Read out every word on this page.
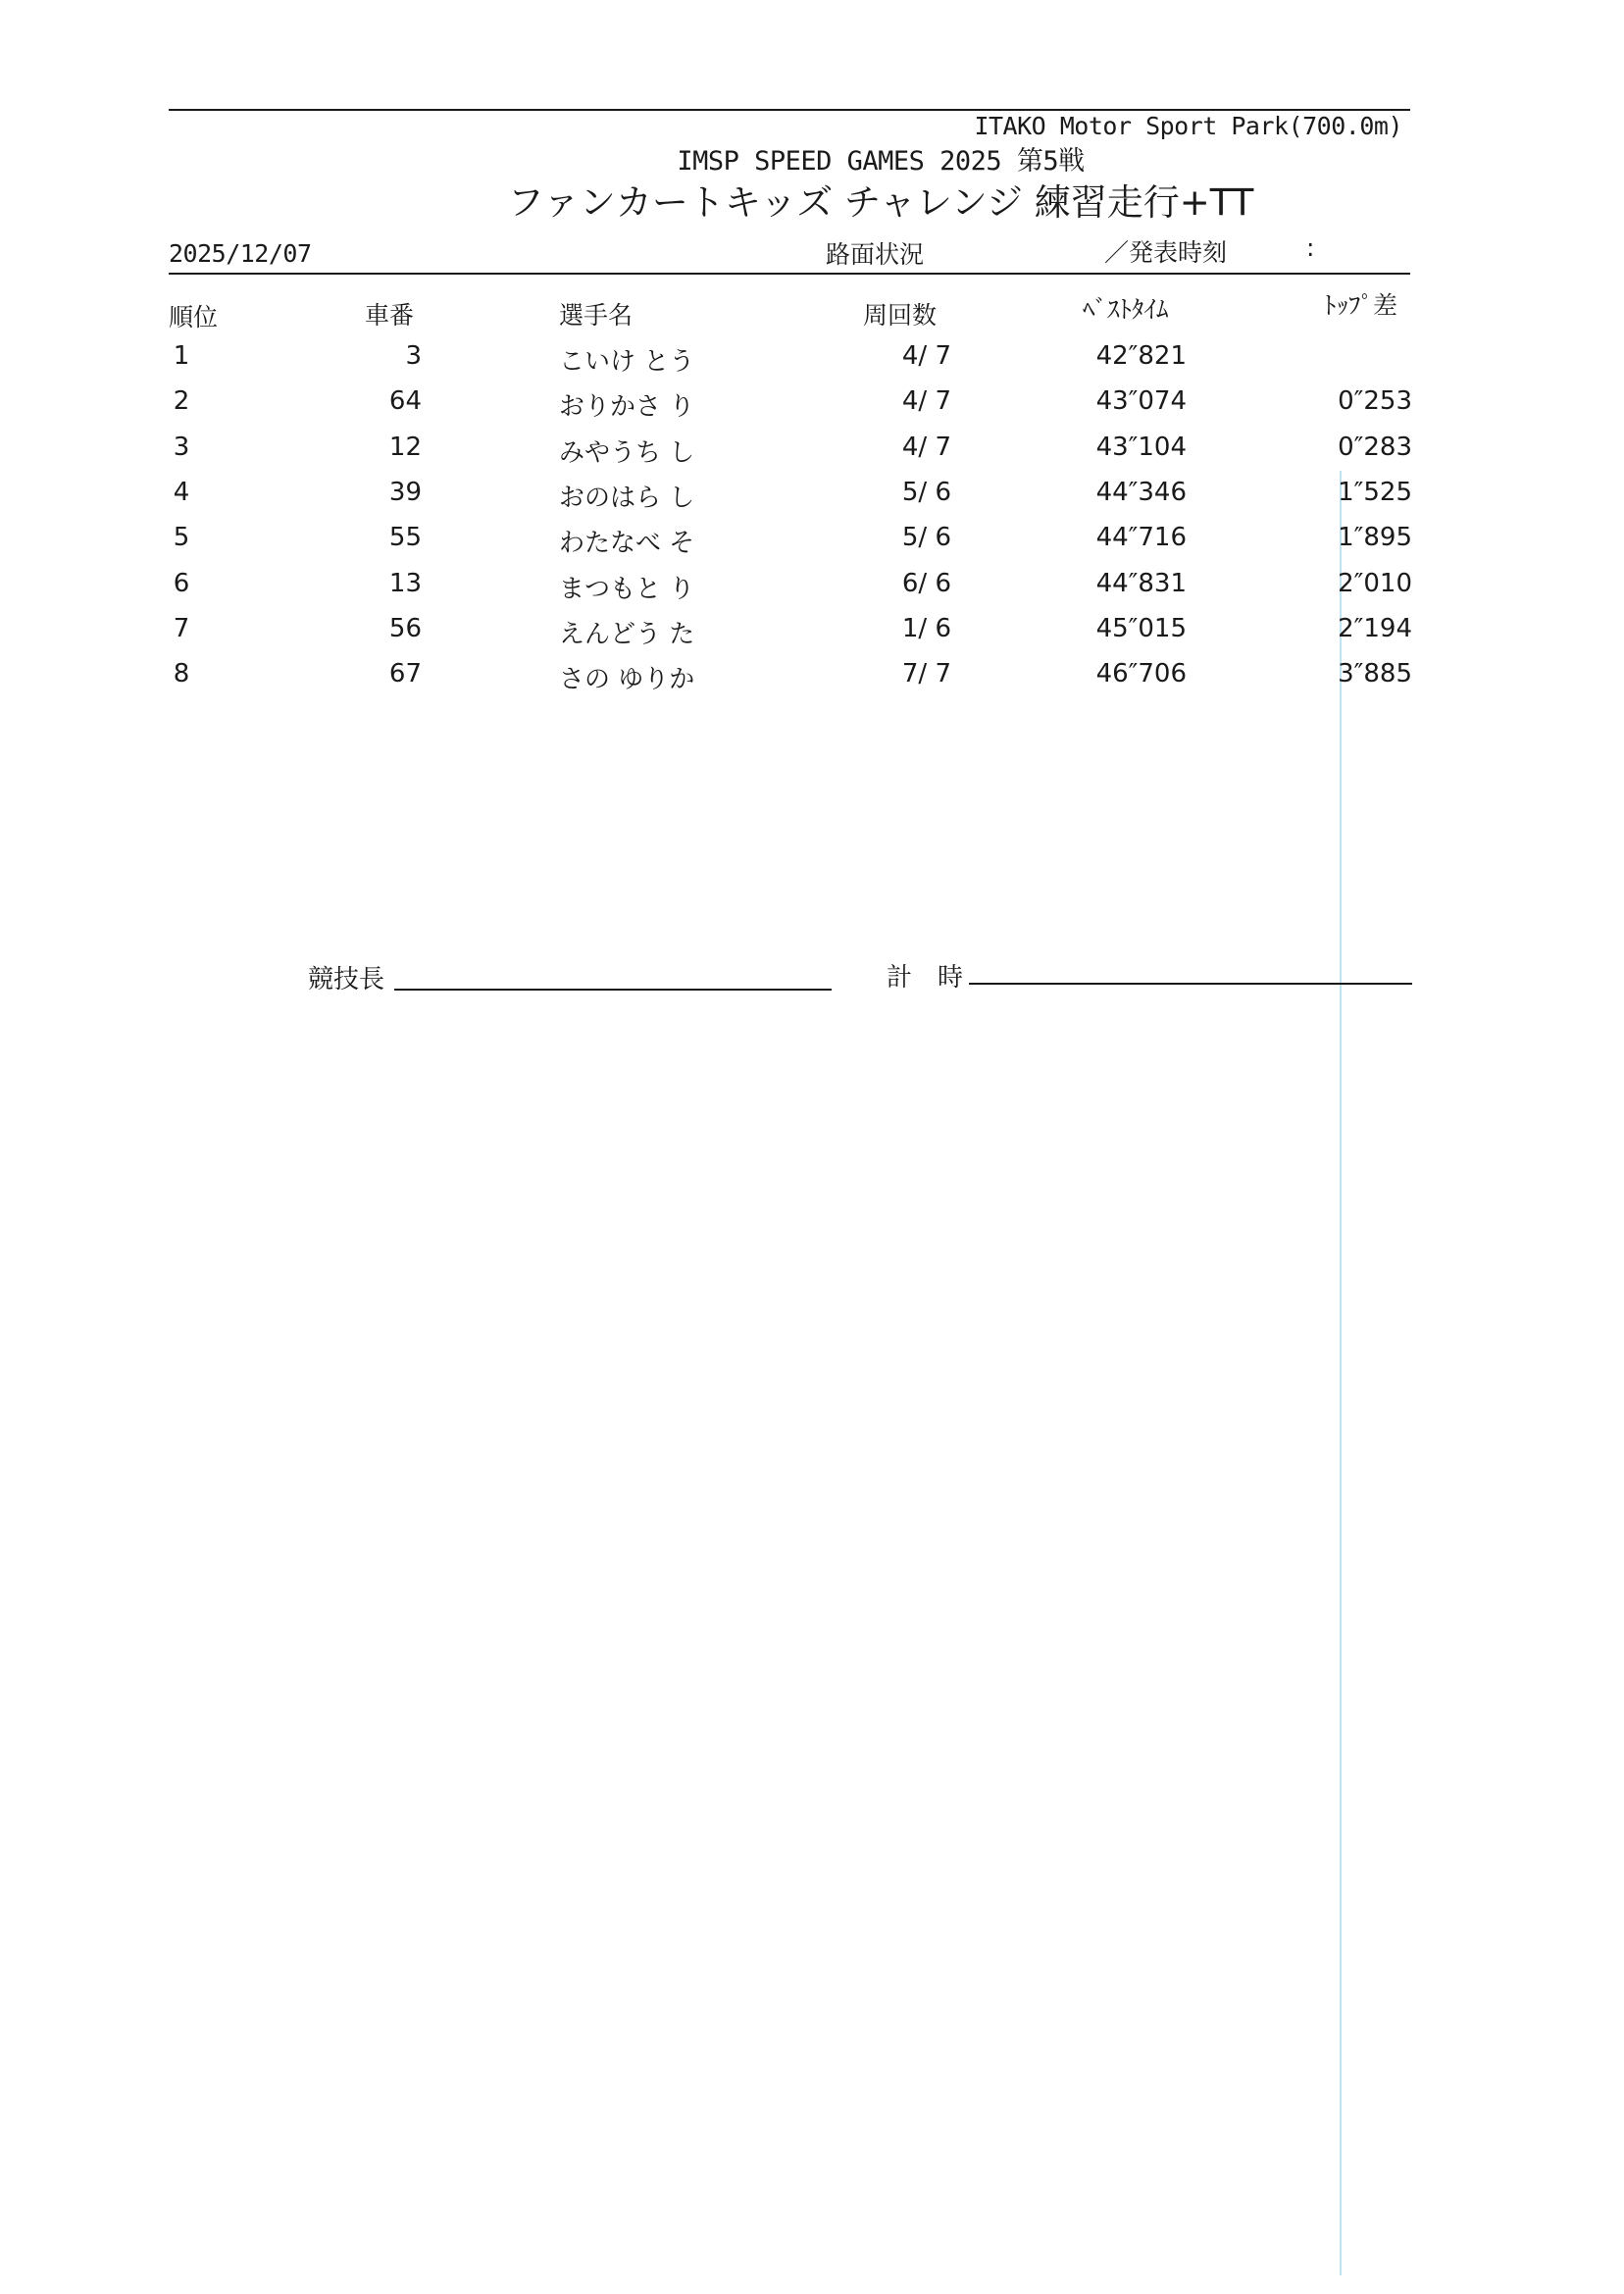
ITAKO Motor Sport Park(700.0m)
IMSP SPEED GAMES 2025 第5戦
ファンカートキッズ チャレンジ 練習走行+TT
2025/12/07	路面状況	／発表時刻	:
順位	車番	選手名	周回数	ﾍﾞｽﾄﾀｲﾑ	ﾄｯﾌﾟ差
1	3	こいけ とう	4/ 7	42″821
2	64	おりかさ り	4/ 7	43″074	0″253
3	12	みやうち し	4/ 7	43″104	0″283
4	39	おのはら し	5/ 6	44″346	1″525
5	55	わたなべ そ	5/ 6	44″716	1″895
6	13	まつもと り	6/ 6	44″831	2″010
7	56	えんどう た	1/ 6	45″015	2″194
8	67	さの ゆりか	7/ 7	46″706	3″885
競技長	計　時
